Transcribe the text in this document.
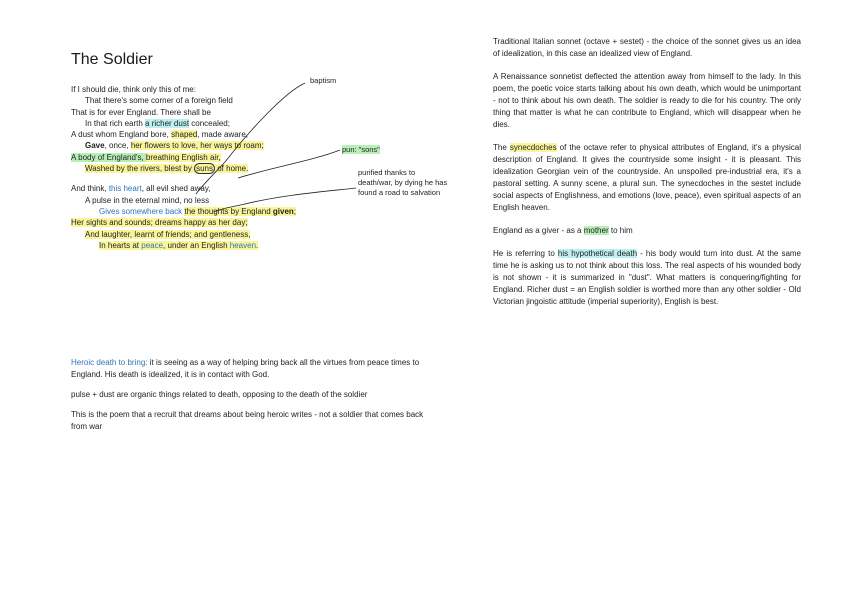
The Soldier
If I should die, think only this of me:
That there's some corner of a foreign field
That is for ever England. There shall be
In that rich earth a richer dust concealed;
A dust whom England bore, shaped, made aware,
Gave, once, her flowers to love, her ways to roam;
A body of England's, breathing English air,
Washed by the rivers, blest by suns of home.
And think, this heart, all evil shed away,
A pulse in the eternal mind, no less
Gives somewhere back the thoughts by England given;
Her sights and sounds; dreams happy as her day;
And laughter, learnt of friends; and gentleness,
In hearts at peace, under an English heaven.
baptism
pun: "sons"
purified thanks to death/war, by dying he has found a road to salvation

Heroic death to bring: it is seeing as a way of helping bring back all the virtues from peace times to England. His death is idealized, it is in contact with God.

pulse + dust are organic things related to death, opposing to the death of the soldier

This is the poem that a recruit that dreams about being heroic writes - not a soldier that comes back from war

Traditional Italian sonnet (octave + sestet) - the choice of the sonnet gives us an idea of idealization, in this case an idealized view of England.

A Renaissance sonnetist deflected the attention away from himself to the lady. In this poem, the poetic voice starts talking about his own death, which would be unimportant - not to think about his own death. The soldier is ready to die for his country. The only thing that matter is what he can contribute to England, which will disappear when he dies.

The synecdoches of the octave refer to physical attributes of England, it's a physical description of England. It gives the countryside some insight - it is pleasant. This idealization Georgian vein of the countryside. An unspoiled pre-industrial era, it's a pastoral setting. A sunny scene, a plural sun. The synecdoches in the sestet include social aspects of Englishness, and emotions (love, peace), even spiritual aspects of an English heaven.

England as a giver - as a mother to him

He is referring to his hypothetical death - his body would turn into dust. At the same time he is asking us to not think about this loss. The real aspects of his wounded body is not shown - it is summarized in "dust". What matters is conquering/fighting for England. Richer dust = an English soldier is worthed more than any other soldier - Old Victorian jingoistic attitude (imperial superiority), English is best.
